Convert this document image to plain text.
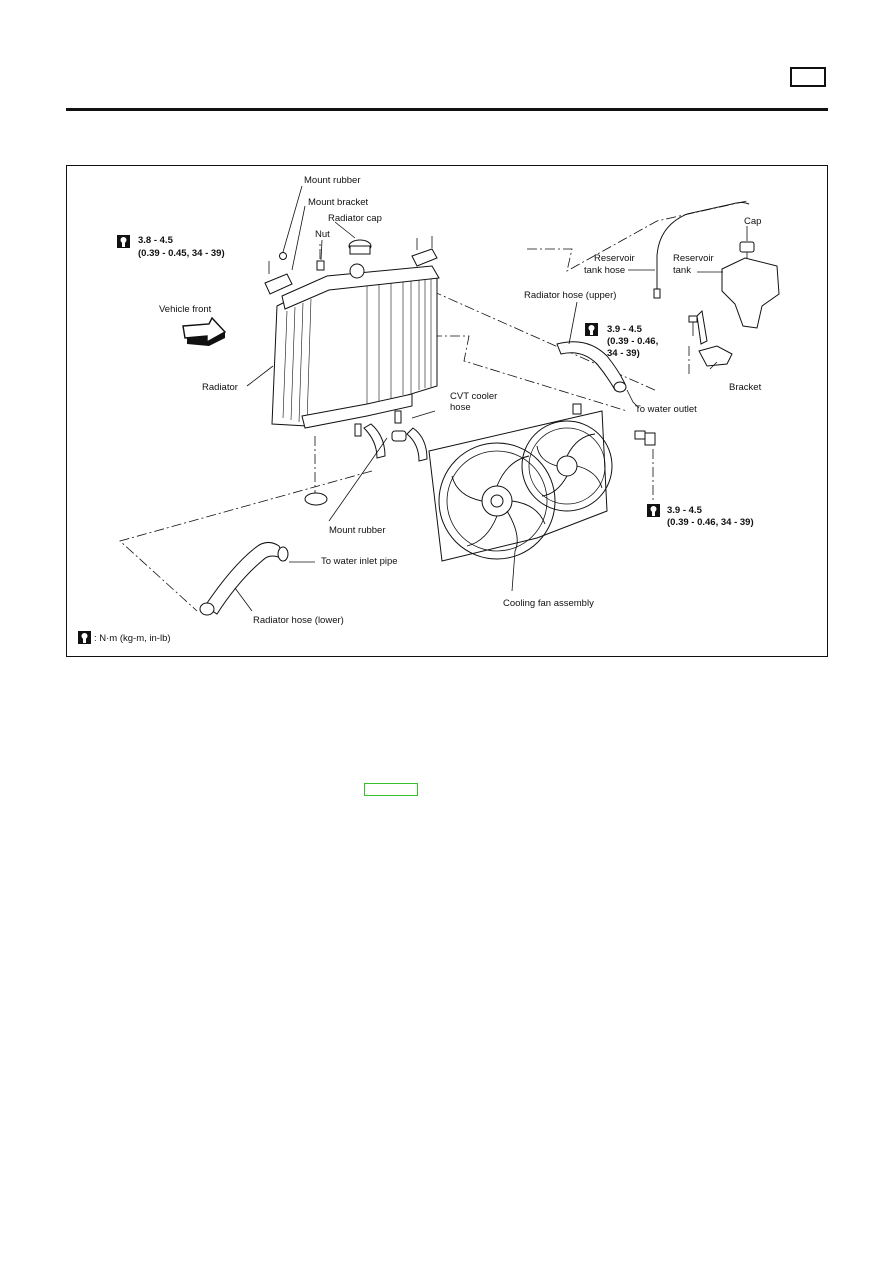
Mount rubber
Mount bracket
Radiator cap
Nut
3.8 - 4.5
(0.39 - 0.45, 34 - 39)
Cap
Reservoir
tank hose
Reservoir
tank
Radiator hose (upper)
Vehicle front
3.9 - 4.5
(0.39 - 0.46,
34 - 39)
Radiator	Bracket
To water outlet
CVT cooler
hose
3.9 - 4.5
(0.39 - 0.46, 34 - 39)
Mount rubber
To water inlet pipe
Cooling fan assembly
Radiator hose (lower)
: N·m (kg-m, in-lb)
